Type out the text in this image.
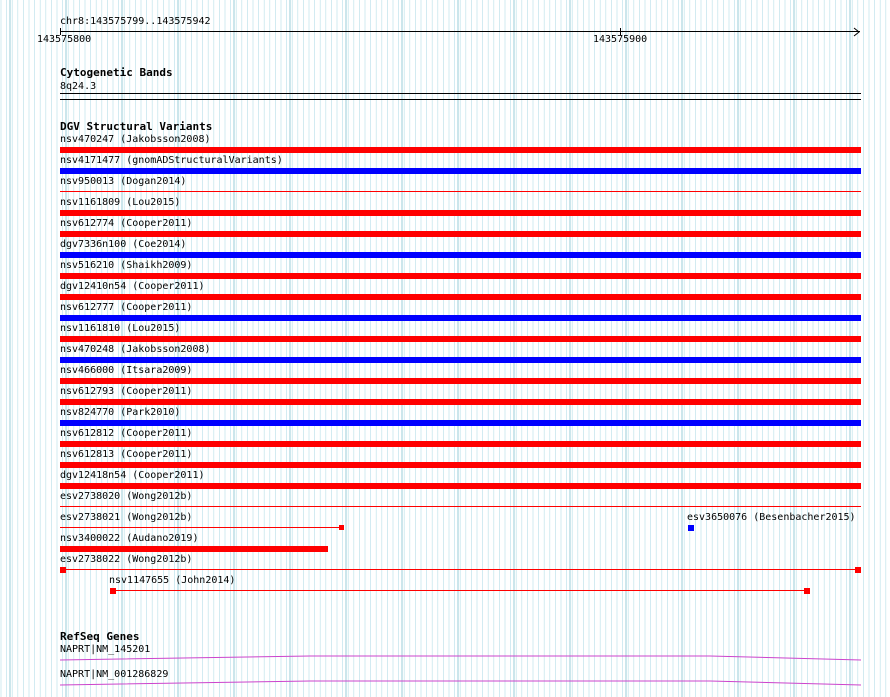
chr8:143575799..143575942
143575800	143575900
Cytogenetic Bands
8q24.3
DGV Structural Variants
nsv470247 (Jakobsson2008)
nsv4171477 (gnomADStructuralVariants)
nsv950013 (Dogan2014)
nsv1161809 (Lou2015)
nsv612774 (Cooper2011)
dgv7336n100 (Coe2014)
nsv516210 (Shaikh2009)
dgv12410n54 (Cooper2011)
nsv612777 (Cooper2011)
nsv1161810 (Lou2015)
nsv470248 (Jakobsson2008)
nsv466000 (Itsara2009)
nsv612793 (Cooper2011)
nsv824770 (Park2010)
nsv612812 (Cooper2011)
nsv612813 (Cooper2011)
dgv12418n54 (Cooper2011)
esv2738020 (Wong2012b)
esv2738021 (Wong2012b)
nsv3400022 (Audano2019)
esv2738022 (Wong2012b)
nsv1147655 (John2014)
esv3650076 (Besenbacher2015)
RefSeq Genes
NAPRT|NM_145201
NAPRT|NM_001286829
